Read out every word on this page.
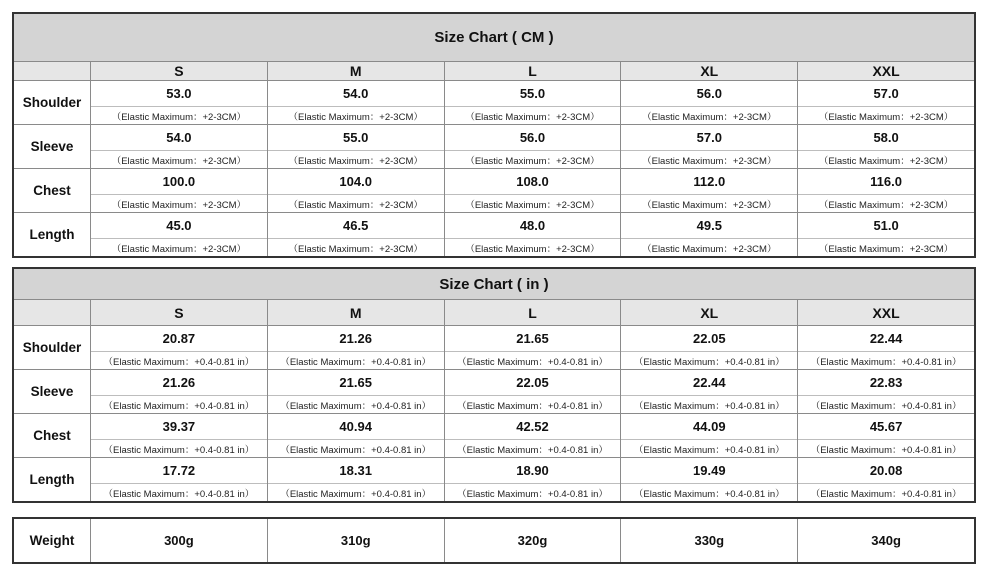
Size Chart ( CM )					
	S	M	L	XL	XXL
Shoulder	53.0	54.0	55.0	56.0	57.0
	（Elastic Maximum：+2-3CM）	（Elastic Maximum：+2-3CM）	（Elastic Maximum：+2-3CM）	（Elastic Maximum：+2-3CM）	（Elastic Maximum：+2-3CM）
Sleeve	54.0	55.0	56.0	57.0	58.0
	（Elastic Maximum：+2-3CM）	（Elastic Maximum：+2-3CM）	（Elastic Maximum：+2-3CM）	（Elastic Maximum：+2-3CM）	（Elastic Maximum：+2-3CM）
Chest	100.0	104.0	108.0	112.0	116.0
	（Elastic Maximum：+2-3CM）	（Elastic Maximum：+2-3CM）	（Elastic Maximum：+2-3CM）	（Elastic Maximum：+2-3CM）	（Elastic Maximum：+2-3CM）
Length	45.0	46.5	48.0	49.5	51.0
	（Elastic Maximum：+2-3CM）	（Elastic Maximum：+2-3CM）	（Elastic Maximum：+2-3CM）	（Elastic Maximum：+2-3CM）	（Elastic Maximum：+2-3CM）
Size Chart ( in )					
	S	M	L	XL	XXL
Shoulder	20.87	21.26	21.65	22.05	22.44
	（Elastic Maximum：+0.4-0.81 in）	（Elastic Maximum：+0.4-0.81 in）	（Elastic Maximum：+0.4-0.81 in）	（Elastic Maximum：+0.4-0.81 in）	（Elastic Maximum：+0.4-0.81 in）
Sleeve	21.26	21.65	22.05	22.44	22.83
	（Elastic Maximum：+0.4-0.81 in）	（Elastic Maximum：+0.4-0.81 in）	（Elastic Maximum：+0.4-0.81 in）	（Elastic Maximum：+0.4-0.81 in）	（Elastic Maximum：+0.4-0.81 in）
Chest	39.37	40.94	42.52	44.09	45.67
	（Elastic Maximum：+0.4-0.81 in）	（Elastic Maximum：+0.4-0.81 in）	（Elastic Maximum：+0.4-0.81 in）	（Elastic Maximum：+0.4-0.81 in）	（Elastic Maximum：+0.4-0.81 in）
Length	17.72	18.31	18.90	19.49	20.08
	（Elastic Maximum：+0.4-0.81 in）	（Elastic Maximum：+0.4-0.81 in）	（Elastic Maximum：+0.4-0.81 in）	（Elastic Maximum：+0.4-0.81 in）	（Elastic Maximum：+0.4-0.81 in）
Weight	300g	310g	320g	330g	340g
